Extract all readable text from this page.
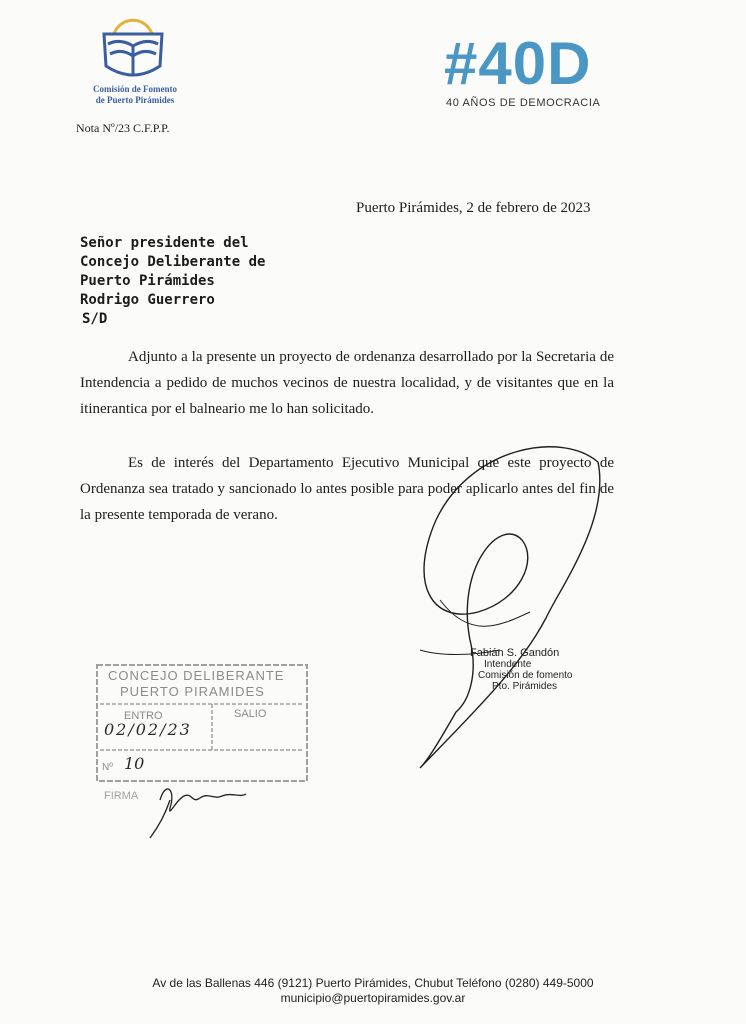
Comisión de Fomento
de Puerto Pirámides
#40D
40 AÑOS DE DEMOCRACIA
Nota Nº/23 C.F.P.P.
Puerto Pirámides, 2 de febrero de 2023
Señor presidente del
Concejo Deliberante de
Puerto Pirámides
Rodrigo Guerrero
S/D
Adjunto a la presente un proyecto de ordenanza desarrollado por la Secretaria de Intendencia a pedido de muchos vecinos de nuestra localidad, y de visitantes que en la itinerantica por el balneario me lo han solicitado.
Es de interés del Departamento Ejecutivo Municipal que este proyecto de Ordenanza sea tratado y sancionado lo antes posible para poder aplicarlo antes del fin de la presente temporada de verano.
Fabián S. Gandón
Intendente
Comisión de fomento
Pto. Pirámides
CONCEJO DELIBERANTE
PUERTO PIRAMIDES
ENTRO	SALIO
02/02/23
Nº 10
FIRMA
Av de las Ballenas 446 (9121) Puerto Pirámides, Chubut Teléfono (0280) 449-5000
municipio@puertopiramides.gov.ar
